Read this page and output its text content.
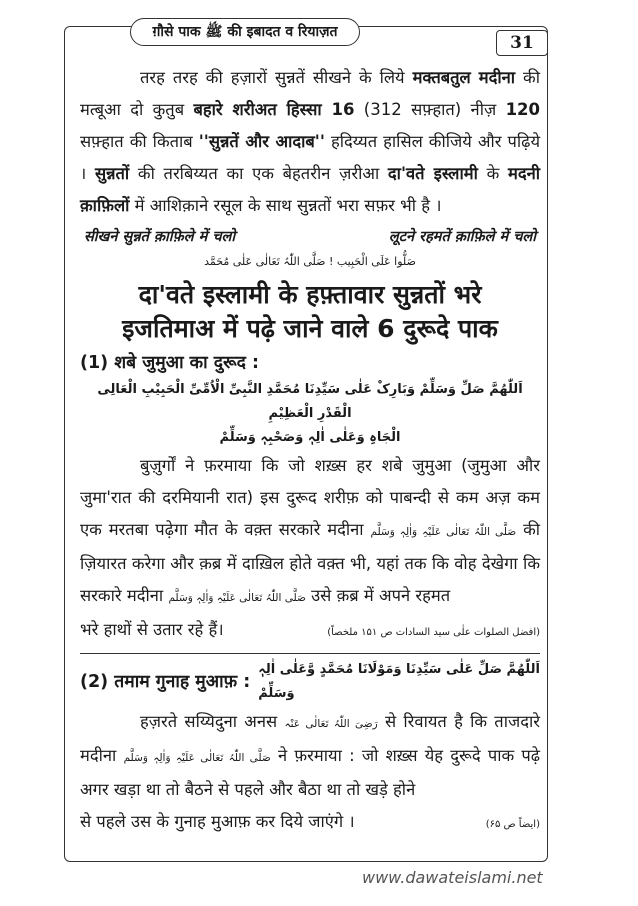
ग़ौसे पाक ﷺ की इबादत व रियाज़त
31

तरह तरह की हज़ारों सुन्नतें सीखने के लिये मक्तबतुल मदीना की मत्बूआ दो कुतुब बहारे शरीअत हिस्सा 16 (312 सफ़्हात) नीज़ 120 सफ़्हात की किताब ''सुन्नतें और आदाब'' हदिय्यत हासिल कीजिये और पढ़िये । सुन्नतों की तरबिय्यत का एक बेहतरीन ज़रीआ दा'वते इस्लामी के मदनी क़ाफ़िलों में आशिक़ाने रसूल के साथ सुन्नतों भरा सफ़र भी है ।

सीखने सुन्नतें क़ाफ़िले में चलो	लूटने रहमतें क़ाफ़िले में चलो
صَلُّوا عَلَی الْحَبِیب ! صَلَّی اللّٰہُ تَعَالٰی عَلٰی مُحَمَّد
दा'वते इस्लामी के हफ़्तावार सुन्नतों भरे
इजतिमाअ में पढ़े जाने वाले 6 दुरूदे पाक

(1) शबे जुमुआ का दुरूद :

اَللّٰھُمَّ صَلِّ وَسَلِّمْ وَبَارِکْ عَلٰی سَیِّدِنَا مُحَمَّدِ النَّبِیِّ الْاُمِّیِّ الْحَبِیْبِ الْعَالِی الْقَدْرِ الْعَظِیْمِ
الْجَاہِ وَعَلٰی اٰلِہٖ وَصَحْبِہٖ وَسَلِّمْ

बुज़ुर्गों ने फ़रमाया कि जो शख़्स हर शबे जुमुआ (जुमुआ और जुमा'रात की दरमियानी रात) इस दुरूद शरीफ़ को पाबन्दी से कम अज़ कम एक मरतबा पढ़ेगा मौत के वक़्त सरकारे मदीना صَلَّی اللّٰہُ تَعَالٰی عَلَیْہِ وَاٰلِہٖ وَسَلَّم की ज़ियारत करेगा और क़ब्र में दाख़िल होते वक़्त भी, यहां तक कि वोह देखेगा कि सरकारे मदीना صَلَّی اللّٰہُ تَعَالٰی عَلَیْہِ وَاٰلِہٖ وَسَلَّم उसे क़ब्र में अपने रहमत

भरे हाथों से उतार रहे हैं।	(افضل الصلوات علٰی سید السادات ص ۱۵۱ ملخصاً)
(2) तमाम गुनाह मुआफ़ :
اَللّٰھُمَّ صَلِّ عَلٰی سَیِّدِنَا وَمَوْلَانَا مُحَمَّدٍ وَّعَلٰی اٰلِہٖ وَسَلِّمْ

हज़रते सय्यिदुना अनस رَضِیَ اللّٰہُ تَعَالٰی عَنْہ से रिवायत है कि ताजदारे मदीना صَلَّی اللّٰہُ تَعَالٰی عَلَیْہِ وَاٰلِہٖ وَسَلَّم ने फ़रमाया : जो शख़्स येह दुरूदे पाक पढ़े अगर खड़ा था तो बैठने से पहले और बैठा था तो खड़े होने

से पहले उस के गुनाह मुआफ़ कर दिये जाएंगे ।	(ایضاً ص ۶۵)
www.dawateislami.net
